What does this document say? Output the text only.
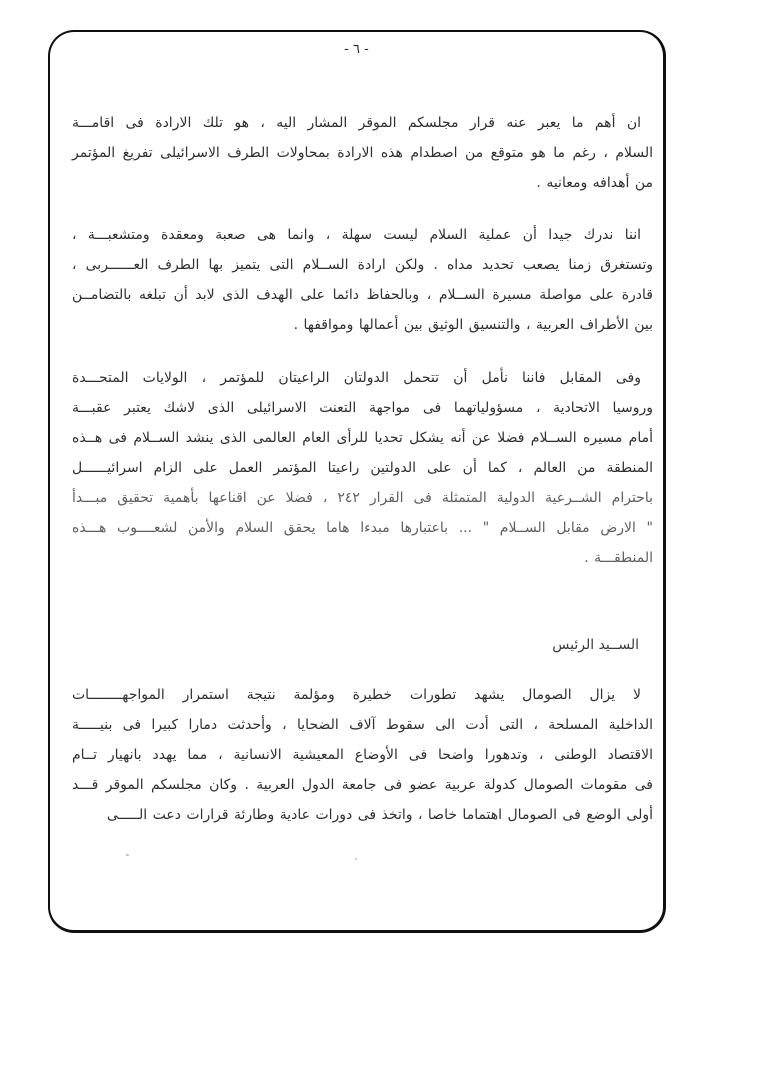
- ٦ -
ان أهم ما يعبر عنه قرار مجلسكم الموقر المشار اليه ، هو تلك الارادة فى اقامـــة
السلام ، رغم ما هو متوقع من اصطدام هذه الارادة بمحاولات الطرف الاسرائيلى تفريغ المؤتمر
من أهدافه ومعانيه .
اننا ندرك جيدا أن عملية السلام ليست سهلة ، وانما هى صعبة ومعقدة ومتشعبـــة ،
وتستغرق زمنا يصعب تحديد مداه . ولكن ارادة الســلام التى يتميز بها الطرف العــــــربى ،
قادرة على مواصلة مسيرة الســلام ، وبالحفاظ دائما على الهدف الذى لابد أن تبلغه بالتضامــن
بين الأطراف العربية ، والتنسيق الوثيق بين أعمالها ومواقفها .
وفى المقابل فاننا نأمل أن تتحمل الدولتان الراعيتان للمؤتمر ، الولايات المتحـــدة
وروسيا الاتحادية ، مسؤولياتهما فى مواجهة التعنت الاسرائيلى الذى لاشك يعتبر عقبـــة
أمام مسيره الســلام فضلا عن أنه يشكل تحديا للرأى العام العالمى الذى ينشد الســلام فى هــذه
المنطقة من العالم ، كما أن على الدولتين راعيتا المؤتمر العمل على الزام اسرائيــــــل
باحترام الشــرعية الدولية المتمثلة فى القرار ٢٤٢ ، فضلا عن اقناعها بأهمية تحقيق مبـــدأ
" الارض مقابل الســلام " ... باعتبارها مبدءا هاما يحقق السلام والأمن لشعــــوب هـــذه
المنطقـــة .
الســيد الرئيس
لا يزال الصومال يشهد تطورات خطيرة ومؤلمة نتيجة استمرار المواجهــــــــات
الداخلية المسلحة ، التى أدت الى سقوط آلاف الضحايا ، وأحدثت دمارا كبيرا فى بنيـــــة
الاقتصاد الوطنى ، وتدهورا واضحا فى الأوضاع المعيشية الانسانية ، مما يهدد بانهيار تــام
فى مقومات الصومال كدولة عربية عضو فى جامعة الدول العربية . وكان مجلسكم الموقر قـــد
أولى الوضع فى الصومال اهتماما خاصا ، واتخذ فى دورات عادية وطارئة قرارات دعت الـــــى
